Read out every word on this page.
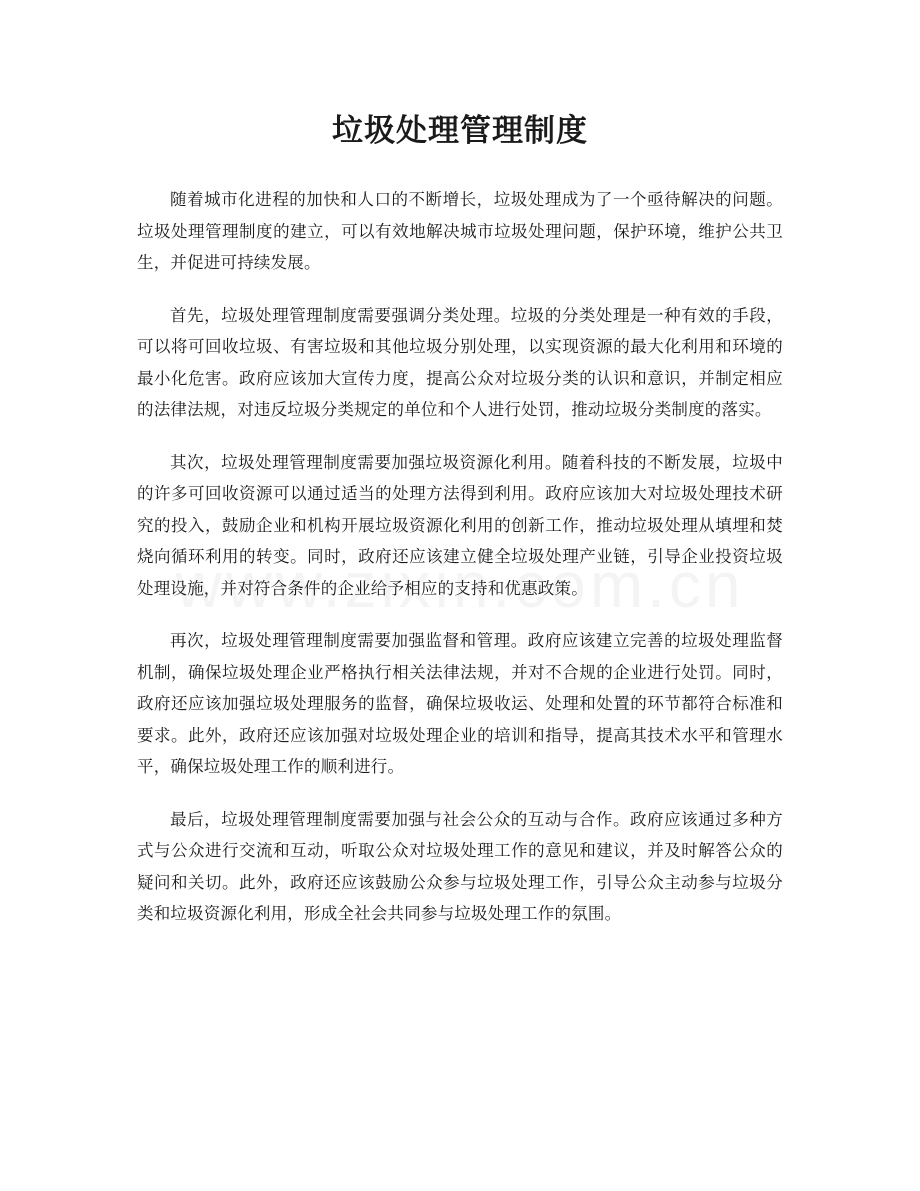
垃圾处理管理制度

随着城市化进程的加快和人口的不断增长，垃圾处理成为了一个亟待解决的问题。垃圾处理管理制度的建立，可以有效地解决城市垃圾处理问题，保护环境，维护公共卫生，并促进可持续发展。

首先，垃圾处理管理制度需要强调分类处理。垃圾的分类处理是一种有效的手段，可以将可回收垃圾、有害垃圾和其他垃圾分别处理，以实现资源的最大化利用和环境的最小化危害。政府应该加大宣传力度，提高公众对垃圾分类的认识和意识，并制定相应的法律法规，对违反垃圾分类规定的单位和个人进行处罚，推动垃圾分类制度的落实。

其次，垃圾处理管理制度需要加强垃圾资源化利用。随着科技的不断发展，垃圾中的许多可回收资源可以通过适当的处理方法得到利用。政府应该加大对垃圾处理技术研究的投入，鼓励企业和机构开展垃圾资源化利用的创新工作，推动垃圾处理从填埋和焚烧向循环利用的转变。同时，政府还应该建立健全垃圾处理产业链，引导企业投资垃圾处理设施，并对符合条件的企业给予相应的支持和优惠政策。

再次，垃圾处理管理制度需要加强监督和管理。政府应该建立完善的垃圾处理监督机制，确保垃圾处理企业严格执行相关法律法规，并对不合规的企业进行处罚。同时，政府还应该加强垃圾处理服务的监督，确保垃圾收运、处理和处置的环节都符合标准和要求。此外，政府还应该加强对垃圾处理企业的培训和指导，提高其技术水平和管理水平，确保垃圾处理工作的顺利进行。

最后，垃圾处理管理制度需要加强与社会公众的互动与合作。政府应该通过多种方式与公众进行交流和互动，听取公众对垃圾处理工作的意见和建议，并及时解答公众的疑问和关切。此外，政府还应该鼓励公众参与垃圾处理工作，引导公众主动参与垃圾分类和垃圾资源化利用，形成全社会共同参与垃圾处理工作的氛围。
